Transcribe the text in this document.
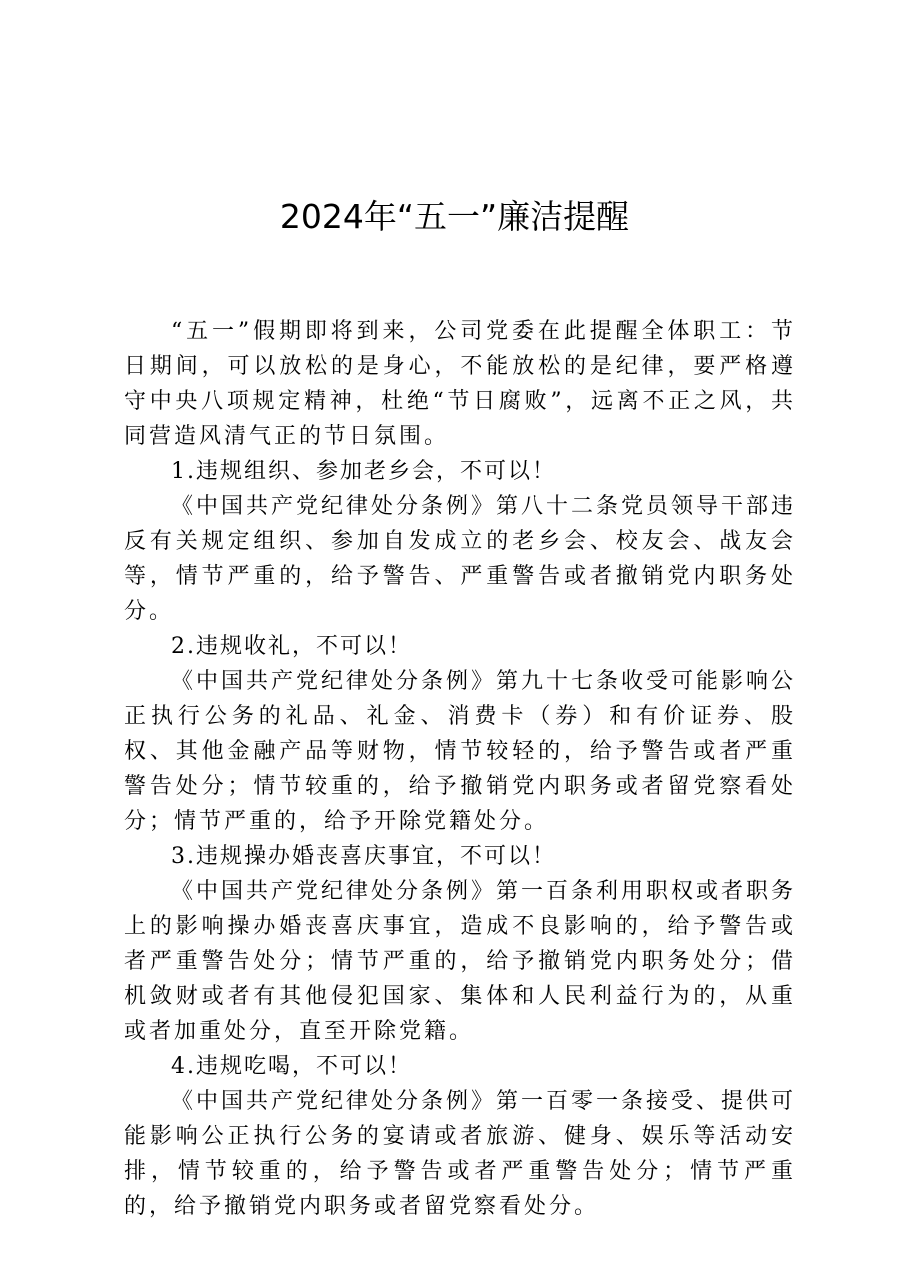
2024年“五一”廉洁提醒

“五一”假期即将到来，公司党委在此提醒全体职工：节日期间，可以放松的是身心，不能放松的是纪律，要严格遵守中央八项规定精神，杜绝“节日腐败”，远离不正之风，共同营造风清气正的节日氛围。

1.违规组织、参加老乡会，不可以！

《中国共产党纪律处分条例》第八十二条党员领导干部违反有关规定组织、参加自发成立的老乡会、校友会、战友会等，情节严重的，给予警告、严重警告或者撤销党内职务处分。

2.违规收礼，不可以！

《中国共产党纪律处分条例》第九十七条收受可能影响公正执行公务的礼品、礼金、消费卡（券）和有价证券、股权、其他金融产品等财物，情节较轻的，给予警告或者严重警告处分；情节较重的，给予撤销党内职务或者留党察看处分；情节严重的，给予开除党籍处分。

3.违规操办婚丧喜庆事宜，不可以！

《中国共产党纪律处分条例》第一百条利用职权或者职务上的影响操办婚丧喜庆事宜，造成不良影响的，给予警告或者严重警告处分；情节严重的，给予撤销党内职务处分；借机敛财或者有其他侵犯国家、集体和人民利益行为的，从重或者加重处分，直至开除党籍。

4.违规吃喝，不可以！

《中国共产党纪律处分条例》第一百零一条接受、提供可能影响公正执行公务的宴请或者旅游、健身、娱乐等活动安排，情节较重的，给予警告或者严重警告处分；情节严重的，给予撤销党内职务或者留党察看处分。
